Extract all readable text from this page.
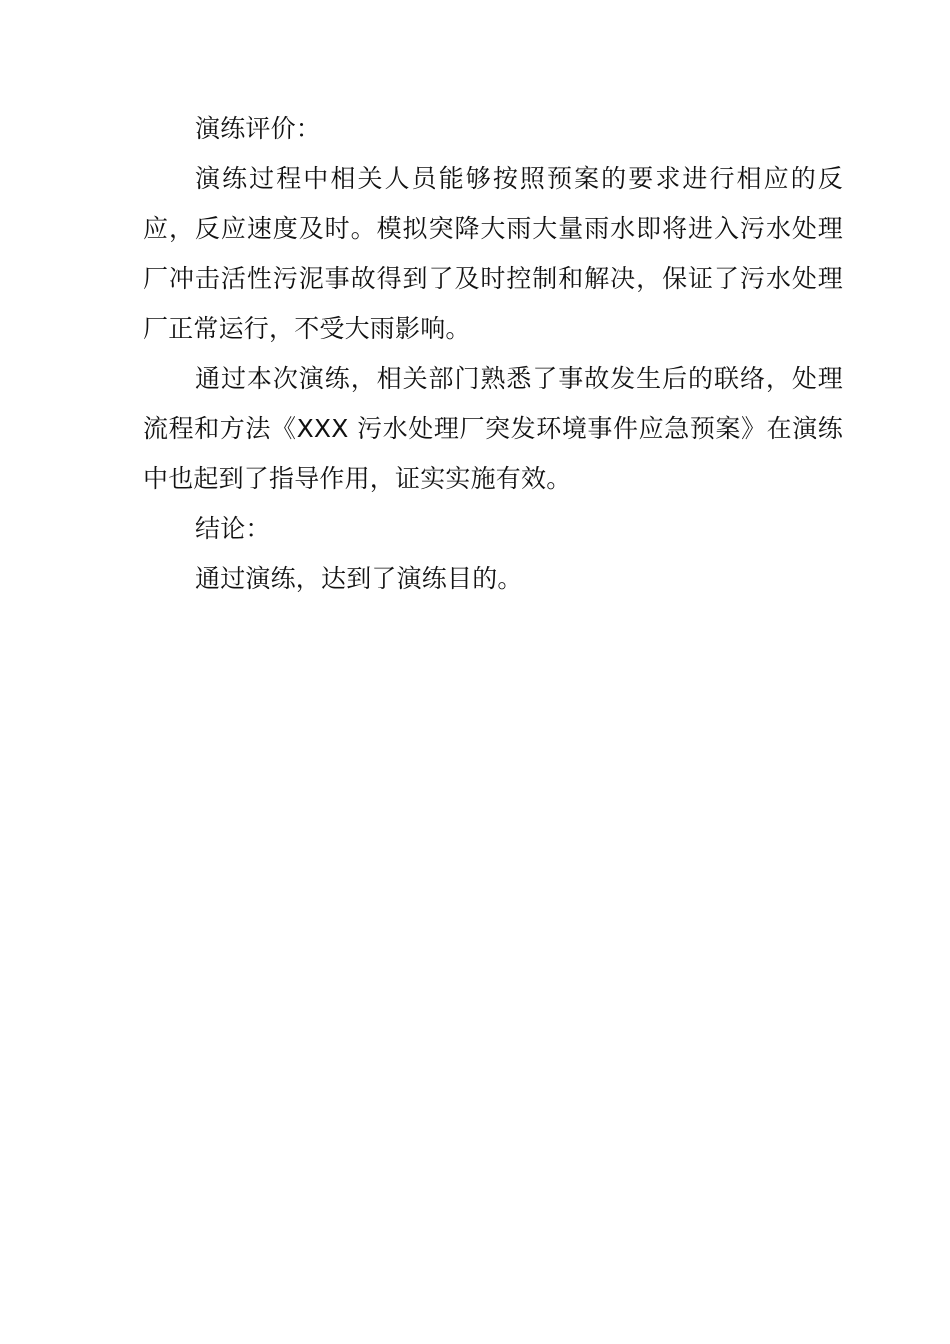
演练评价：

演练过程中相关人员能够按照预案的要求进行相应的反应，反应速度及时。模拟突降大雨大量雨水即将进入污水处理厂冲击活性污泥事故得到了及时控制和解决，保证了污水处理厂正常运行，不受大雨影响。

通过本次演练，相关部门熟悉了事故发生后的联络，处理流程和方法《XXX 污水处理厂突发环境事件应急预案》在演练中也起到了指导作用，证实实施有效。

结论：

通过演练，达到了演练目的。
